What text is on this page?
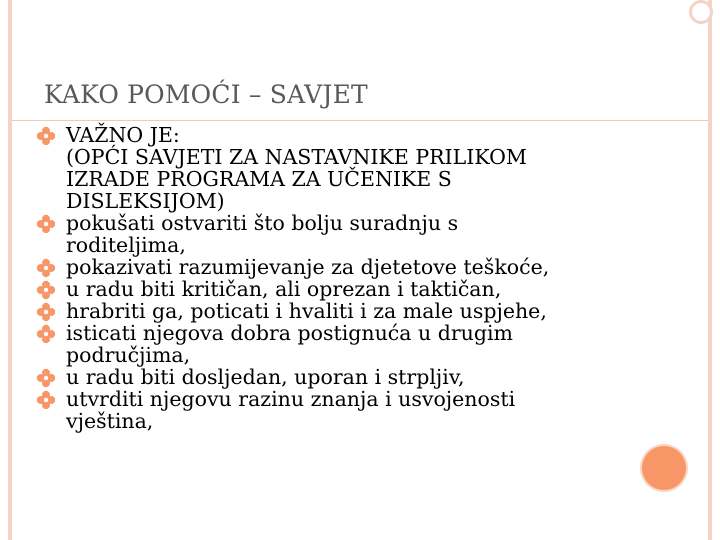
KAKO POMOĆI – SAVJET
VAŽNO JE:
(OPĆI SAVJETI ZA NASTAVNIKE PRILIKOM
IZRADE PROGRAMA ZA UČENIKE S
DISLEKSIJOM)
pokušati ostvariti što bolju suradnju s
roditeljima,
pokazivati razumijevanje za djetetove teškoće,
u radu biti kritičan, ali oprezan i taktičan,
hrabriti ga, poticati i hvaliti i za male uspjehe,
isticati njegova dobra postignuća u drugim
područjima,
u radu biti dosljedan, uporan i strpljiv,
utvrditi njegovu razinu znanja i usvojenosti
vještina,
